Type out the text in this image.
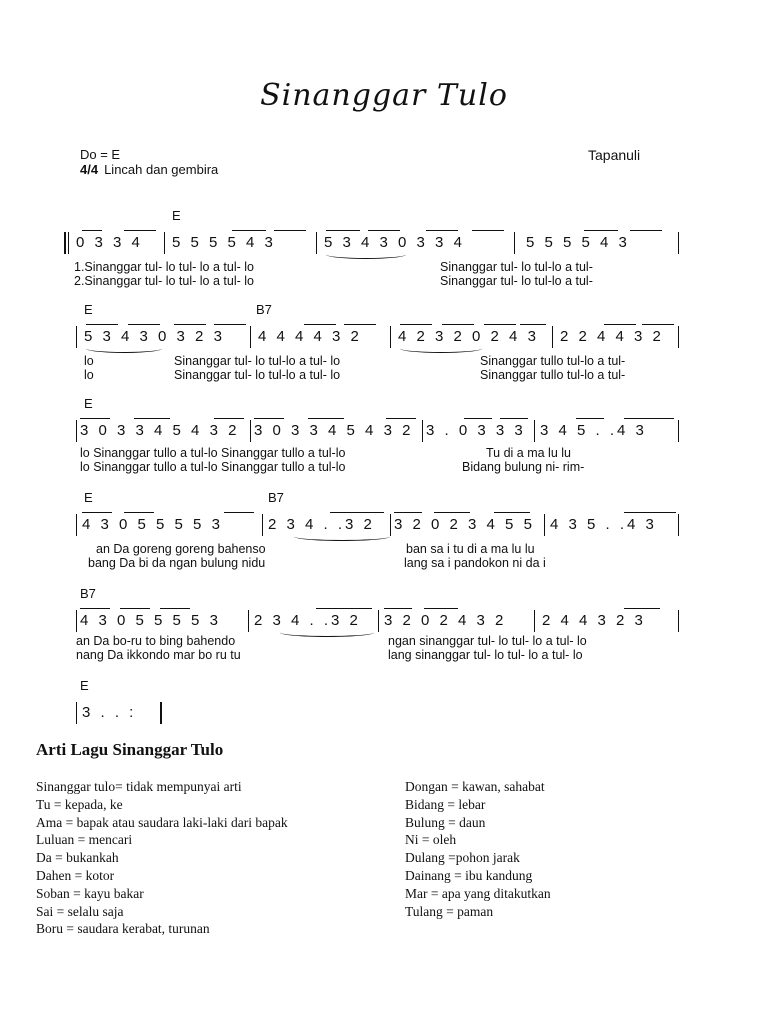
Sinanggar Tulo
Do = E
4/4 Lincah dan gembira
Tapanuli
E
0 3 3 4 5 5 5 5 4 3	5 3 4 3 0 3 3 4	5 5 5 5 4 3
1.Sinanggar tul- lo tul- lo a tul- lo	Sinanggar tul- lo tul-lo a tul-
2.Sinanggar tul- lo tul- lo a tul- lo	Sinanggar tul- lo tul-lo a tul-
E	B7
5 3 4 3 0 3 2 3 4 4 4 4 3 2 4 2 3 2 0 2 4 3 2 2 4 4 3 2
lo	Sinanggar tul- lo tul-lo a tul- lo	Sinanggar tullo tul-lo a tul-
lo	Sinanggar tul- lo tul-lo a tul- lo	Sinanggar tullo tul-lo a tul-
E
3 0 3 3 4 5 4 3 2 3 0 3 3 4 5 4 3 2 3 . 0 3 3 3 3 4 5 . .4 3
lo Sinanggar tullo a tul-lo Sinanggar tullo a tul-lo	Tu di a ma lu lu
lo Sinanggar tullo a tul-lo Sinanggar tullo a tul-lo	Bidang bulung ni- rim-
E	B7
4 3 0 5 5 5 5 3	2 3 4 . .3 2 3 2 0 2 3 4 5 5 4 3 5 . .4 3
an Da goreng goreng bahenso	ban sa i tu di a ma lu lu
bang Da bi da ngan bulung nidu	lang sa i pandokon ni da i
B7
4 3 0 5 5 5 5 3 2 3 4 . .3 2 3 2 0 2 4 3 2 2 4 4 3 2 3
an Da bo-ru to bing bahendo	ngan sinanggar tul- lo tul- lo a tul- lo
nang Da ikkondo mar bo ru tu	lang sinanggar tul- lo tul- lo a tul- lo
E
3 . . :
Arti Lagu Sinanggar Tulo
Sinanggar tulo= tidak mempunyai arti
Tu = kepada, ke
Ama = bapak atau saudara laki-laki dari bapak
Luluan = mencari
Da = bukankah
Dahen = kotor
Soban = kayu bakar
Sai = selalu saja
Boru = saudara kerabat, turunan
Dongan = kawan, sahabat
Bidang = lebar
Bulung = daun
Ni = oleh
Dulang =pohon jarak
Dainang = ibu kandung
Mar = apa yang ditakutkan
Tulang = paman
